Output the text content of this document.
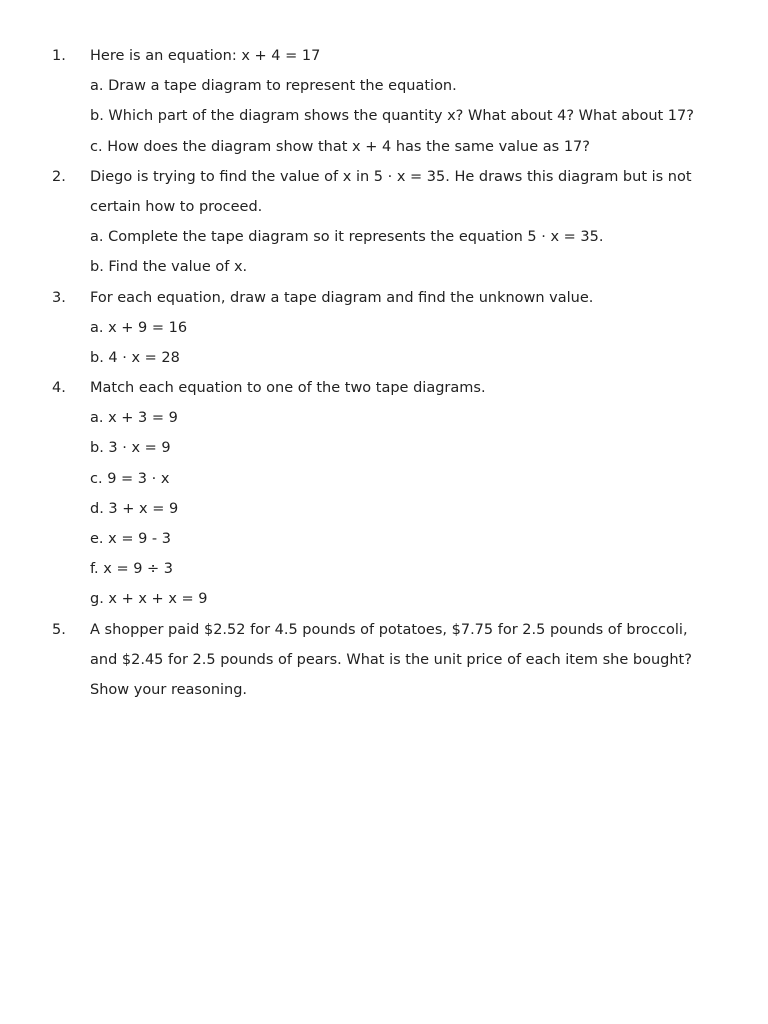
1. Here is an equation: x + 4 = 17
a. Draw a tape diagram to represent the equation.
b. Which part of the diagram shows the quantity x? What about 4? What about 17?
c. How does the diagram show that x + 4 has the same value as 17?
2. Diego is trying to find the value of x in 5 · x = 35. He draws this diagram but is not
certain how to proceed.
a. Complete the tape diagram so it represents the equation 5 · x = 35.
b. Find the value of x.
3. For each equation, draw a tape diagram and find the unknown value.
a. x + 9 = 16
b. 4 · x = 28
4. Match each equation to one of the two tape diagrams.
a. x + 3 = 9
b. 3 · x = 9
c. 9 = 3 · x
d. 3 + x = 9
e. x = 9 - 3
f. x = 9 ÷ 3
g. x + x + x = 9
5. A shopper paid $2.52 for 4.5 pounds of potatoes, $7.75 for 2.5 pounds of broccoli,
and $2.45 for 2.5 pounds of pears. What is the unit price of each item she bought?
Show your reasoning.
